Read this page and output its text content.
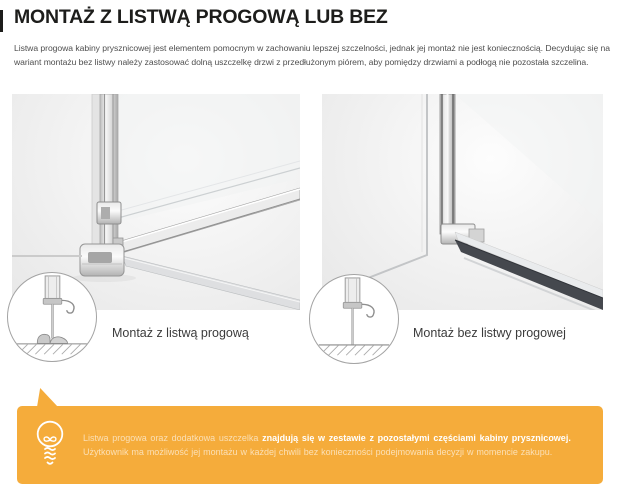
MONTAŻ Z LISTWĄ PROGOWĄ LUB BEZ

Listwa progowa kabiny prysznicowej jest elementem pomocnym w zachowaniu lepszej szczelności, jednak jej montaż nie jest koniecznością. Decydując się na wariant montażu bez listwy należy zastosować dolną uszczelkę drzwi z przedłużonym piórem, aby pomiędzy drzwiami a podłogą nie pozostała szczelina.

Montaż z listwą progową	Montaż bez listwy progowej

Listwa progowa oraz dodatkowa uszczelka znajdują się w zestawie z pozostałymi częściami kabiny prysznicowej.
Użytkownik ma możliwość jej montażu w każdej chwili bez konieczności podejmowania decyzji w momencie zakupu.
